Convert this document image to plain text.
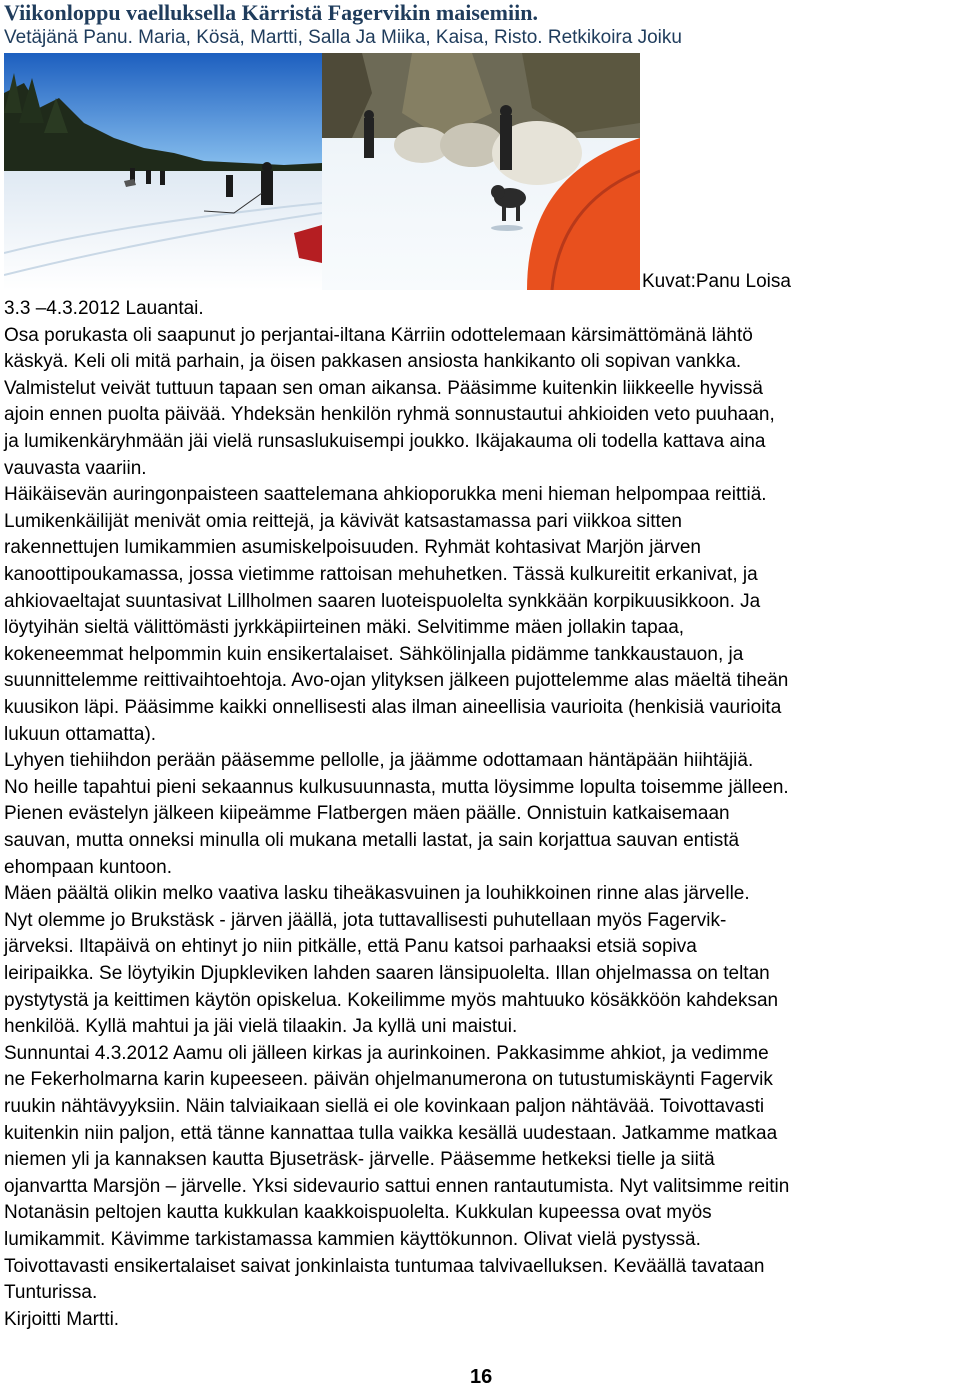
Viikonloppu vaelluksella Kärristä Fagervikin maisemiin.
Vetäjänä Panu. Maria, Kösä, Martti, Salla Ja Miika, Kaisa, Risto. Retkikoira Joiku
Kuvat:Panu Loisa
3.3 –4.3.2012 Lauantai.
Osa porukasta oli saapunut jo perjantai-iltana Kärriin odottelemaan kärsimättömänä lähtö
käskyä. Keli oli mitä parhain, ja öisen pakkasen ansiosta hankikanto oli sopivan vankka.
Valmistelut veivät tuttuun tapaan sen oman aikansa. Pääsimme kuitenkin liikkeelle hyvissä
ajoin ennen puolta päivää. Yhdeksän henkilön ryhmä sonnustautui ahkioiden veto puuhaan,
ja lumikenkäryhmään jäi vielä runsaslukuisempi joukko. Ikäjakauma oli todella kattava aina
vauvasta vaariin.
Häikäisevän auringonpaisteen saattelemana ahkioporukka meni hieman helpompaa reittiä.
Lumikenkäilijät menivät omia reittejä, ja kävivät katsastamassa pari viikkoa sitten
rakennettujen lumikammien asumiskelpoisuuden. Ryhmät kohtasivat Marjön järven
kanoottipoukamassa, jossa vietimme rattoisan mehuhetken. Tässä kulkureitit erkanivat, ja
ahkiovaeltajat suuntasivat Lillholmen saaren luoteispuolelta synkkään korpikuusikkoon. Ja
löytyihän sieltä välittömästi jyrkkäpiirteinen mäki. Selvitimme mäen jollakin tapaa,
kokeneemmat helpommin kuin ensikertalaiset. Sähkölinjalla pidämme tankkaustauon, ja
suunnittelemme reittivaihtoehtoja. Avo-ojan ylityksen jälkeen pujottelemme alas mäeltä tiheän
kuusikon läpi. Pääsimme kaikki onnellisesti alas ilman aineellisia vaurioita (henkisiä vaurioita
lukuun ottamatta).
Lyhyen tiehiihdon perään pääsemme pellolle, ja jäämme odottamaan häntäpään hiihtäjiä.
No heille tapahtui pieni sekaannus kulkusuunnasta, mutta löysimme lopulta toisemme jälleen.
Pienen evästelyn jälkeen kiipeämme Flatbergen mäen päälle. Onnistuin katkaisemaan
sauvan, mutta onneksi minulla oli mukana metalli lastat, ja sain korjattua sauvan entistä
ehompaan kuntoon.
Mäen päältä olikin melko vaativa lasku tiheäkasvuinen ja louhikkoinen rinne alas järvelle.
Nyt olemme jo Brukstäsk - järven jäällä, jota tuttavallisesti puhutellaan myös Fagervik-
järveksi. Iltapäivä on ehtinyt jo niin pitkälle, että Panu katsoi parhaaksi etsiä sopiva
leiripaikka. Se löytyikin Djupkleviken lahden saaren länsipuolelta. Illan ohjelmassa on teltan
pystytystä ja keittimen käytön opiskelua. Kokeilimme myös mahtuuko kösäkköön kahdeksan
henkilöä. Kyllä mahtui ja jäi vielä tilaakin. Ja kyllä uni maistui.
Sunnuntai 4.3.2012 Aamu oli jälleen kirkas ja aurinkoinen. Pakkasimme ahkiot, ja vedimme
ne Fekerholmarna karin kupeeseen. päivän ohjelmanumerona on tutustumiskäynti Fagervik
ruukin nähtävyyksiin. Näin talviaikaan siellä ei ole kovinkaan paljon nähtävää. Toivottavasti
kuitenkin niin paljon, että tänne kannattaa tulla vaikka kesällä uudestaan. Jatkamme matkaa
niemen yli ja kannaksen kautta Bjuseträsk- järvelle. Pääsemme hetkeksi tielle ja siitä
ojanvartta Marsjön – järvelle. Yksi sidevaurio sattui ennen rantautumista. Nyt valitsimme reitin
Notanäsin peltojen kautta kukkulan kaakkoispuolelta. Kukkulan kupeessa ovat myös
lumikammit. Kävimme tarkistamassa kammien käyttökunnon. Olivat vielä pystyssä.
Toivottavasti ensikertalaiset saivat jonkinlaista tuntumaa talvivaelluksen. Keväällä tavataan
Tunturissa.
Kirjoitti Martti.
16
